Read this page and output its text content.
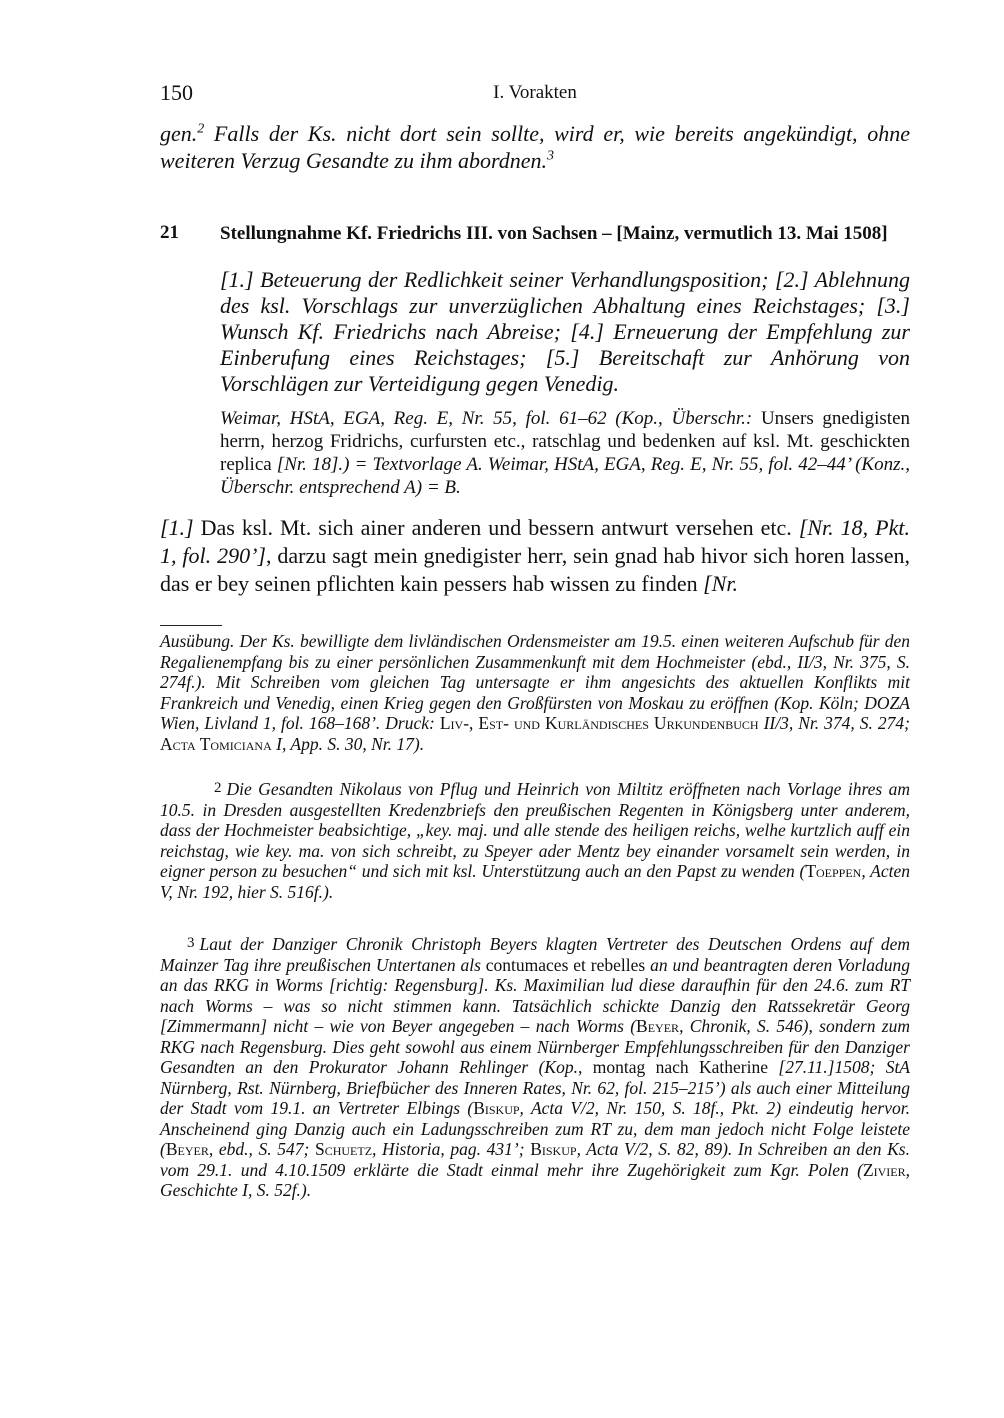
150	I. Vorakten
gen.$^2$ Falls der Ks. nicht dort sein sollte, wird er, wie bereits angekündigt, ohne weiteren Verzug Gesandte zu ihm abordnen.$^3$
21 Stellungnahme Kf. Friedrichs III. von Sachsen – [Mainz, vermutlich 13. Mai 1508]
[1.] Beteuerung der Redlichkeit seiner Verhandlungsposition; [2.] Ablehnung des ksl. Vorschlags zur unverzüglichen Abhaltung eines Reichstages; [3.] Wunsch Kf. Friedrichs nach Abreise; [4.] Erneuerung der Empfehlung zur Einberufung eines Reichstages; [5.] Bereitschaft zur Anhörung von Vorschlägen zur Verteidigung gegen Venedig.
Weimar, HStA, EGA, Reg. E, Nr. 55, fol. 61–62 (Kop., Überschr.: Unsers gnedigisten herrn, herzog Fridrichs, curfursten etc., ratschlag und bedenken auf ksl. Mt. geschickten replica [Nr. 18].) = Textvorlage A. Weimar, HStA, EGA, Reg. E, Nr. 55, fol. 42–44’ (Konz., Überschr. entsprechend A) = B.
[1.] Das ksl. Mt. sich ainer anderen und bessern antwurt versehen etc. [Nr. 18, Pkt. 1, fol. 290’], darzu sagt mein gnedigister herr, sein gnad hab hivor sich horen lassen, das er bey seinen pflichten kain pessers hab wissen zu finden [Nr.
Ausübung. Der Ks. bewilligte dem livländischen Ordensmeister am 19.5. einen weiteren Aufschub für den Regalienempfang bis zu einer persönlichen Zusammenkunft mit dem Hochmeister (ebd., II/3, Nr. 375, S. 274f.). Mit Schreiben vom gleichen Tag untersagte er ihm angesichts des aktuellen Konflikts mit Frankreich und Venedig, einen Krieg gegen den Großfürsten von Moskau zu eröffnen (Kop. Köln; DOZA Wien, Livland 1, fol. 168–168’. Druck: Liv-, Est- und Kurländisches Urkundenbuch II/3, Nr. 374, S. 274; Acta Tomiciana I, App. S. 30, Nr. 17).
2 Die Gesandten Nikolaus von Pflug und Heinrich von Miltitz eröffneten nach Vorlage ihres am 10.5. in Dresden ausgestellten Kredenzbriefs den preußischen Regenten in Königsberg unter anderem, dass der Hochmeister beabsichtige, „key. maj. und alle stende des heiligen reichs, welhe kurtzlich auff ein reichstag, wie key. ma. von sich schreibt, zu Speyer ader Mentz bey einander vorsamelt sein werden, in eigner person zu besuchen“ und sich mit ksl. Unterstützung auch an den Papst zu wenden (Toeppen, Acten V, Nr. 192, hier S. 516f.).
3 Laut der Danziger Chronik Christoph Beyers klagten Vertreter des Deutschen Ordens auf dem Mainzer Tag ihre preußischen Untertanen als contumaces et rebelles an und beantragten deren Vorladung an das RKG in Worms [richtig: Regensburg]. Ks. Maximilian lud diese daraufhin für den 24.6. zum RT nach Worms – was so nicht stimmen kann. Tatsächlich schickte Danzig den Ratssekretär Georg [Zimmermann] nicht – wie von Beyer angegeben – nach Worms (Beyer, Chronik, S. 546), sondern zum RKG nach Regensburg. Dies geht sowohl aus einem Nürnberger Empfehlungsschreiben für den Danziger Gesandten an den Prokurator Johann Rehlinger (Kop., montag nach Katherine [27.11.]1508; StA Nürnberg, Rst. Nürnberg, Briefbücher des Inneren Rates, Nr. 62, fol. 215–215’) als auch einer Mitteilung der Stadt vom 19.1. an Vertreter Elbings (Biskup, Acta V/2, Nr. 150, S. 18f., Pkt. 2) eindeutig hervor. Anscheinend ging Danzig auch ein Ladungsschreiben zum RT zu, dem man jedoch nicht Folge leistete (Beyer, ebd., S. 547; Schuetz, Historia, pag. 431’; Biskup, Acta V/2, S. 82, 89). In Schreiben an den Ks. vom 29.1. und 4.10.1509 erklärte die Stadt einmal mehr ihre Zugehörigkeit zum Kgr. Polen (Zivier, Geschichte I, S. 52f.).
